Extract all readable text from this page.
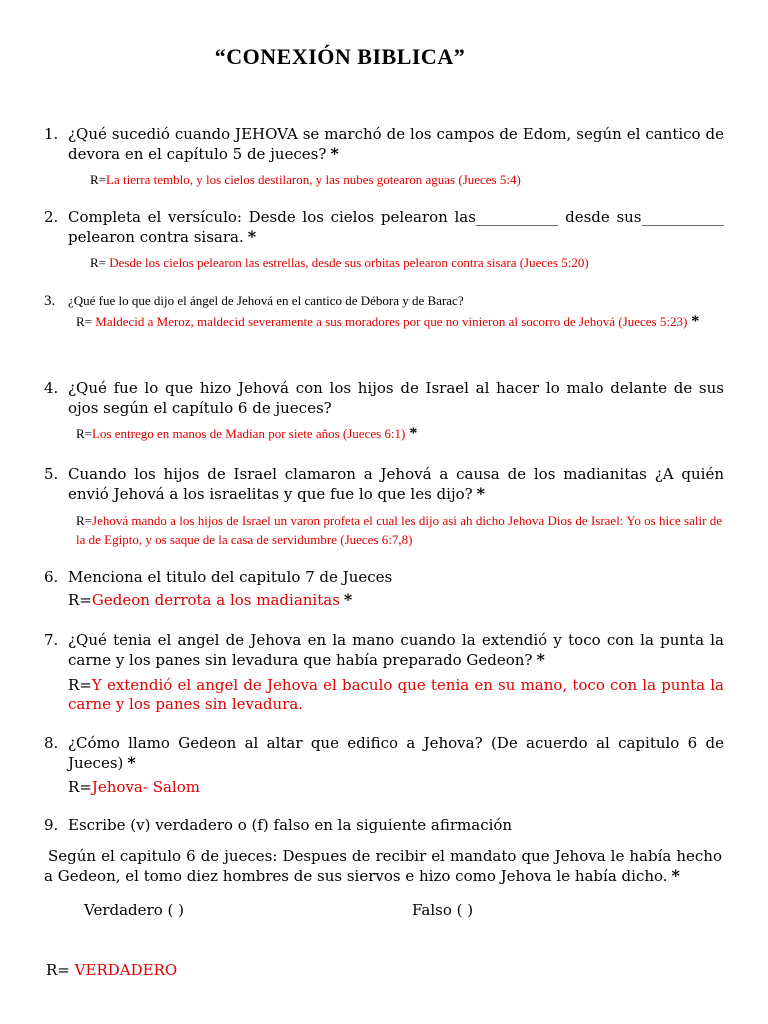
“CONEXIÓN BIBLICA”
1. ¿Qué sucedió cuando JEHOVA se marchó de los campos de Edom, según el cantico de devora en el capítulo 5 de jueces? *
R=La tierra temblo, y los cielos destilaron, y las nubes gotearon aguas (Jueces 5:4)
2. Completa el versículo: Desde los cielos pelearon las___________ desde sus___________ pelearon contra sisara. *
R= Desde los cielos pelearon las estrellas, desde sus orbitas pelearon contra sisara (Jueces 5:20)
3. ¿Qué fue lo que dijo el ángel de Jehová en el cantico de Débora y de Barac?
R= Maldecid a Meroz, maldecid severamente a sus moradores por que no vinieron al socorro de Jehová (Jueces 5:23) *
4. ¿Qué fue lo que hizo Jehová con los hijos de Israel al hacer lo malo delante de sus ojos según el capítulo 6 de jueces?
R=Los entrego en manos de Madian por siete años (Jueces 6:1) *
5. Cuando los hijos de Israel clamaron a Jehová a causa de los madianitas ¿A quién envió Jehová a los israelitas y que fue lo que les dijo? *
R=Jehová mando a los hijos de Israel un varon profeta el cual les dijo asi ah dicho Jehova Dios de Israel: Yo os hice salir de la de Egipto, y os saque de la casa de servidumbre (Jueces 6:7,8)
6. Menciona el titulo del capitulo 7 de Jueces
R=Gedeon derrota a los madianitas *
7. ¿Qué tenia el angel de Jehova en la mano cuando la extendió y toco con la punta la carne y los panes sin levadura que había preparado Gedeon? *
R=Y extendió el angel de Jehova el baculo que tenia en su mano, toco con la punta la carne y los panes sin levadura.
8. ¿Cómo llamo Gedeon al altar que edifico a Jehova? (De acuerdo al capitulo 6 de Jueces) *
R=Jehova- Salom
9. Escribe (v) verdadero o (f) falso en la siguiente afirmación
Según el capitulo 6 de jueces: Despues de recibir el mandato que Jehova le había hecho a Gedeon, el tomo diez hombres de sus siervos e hizo como Jehova le había dicho. *
Verdadero ( )	Falso ( )
R= VERDADERO
